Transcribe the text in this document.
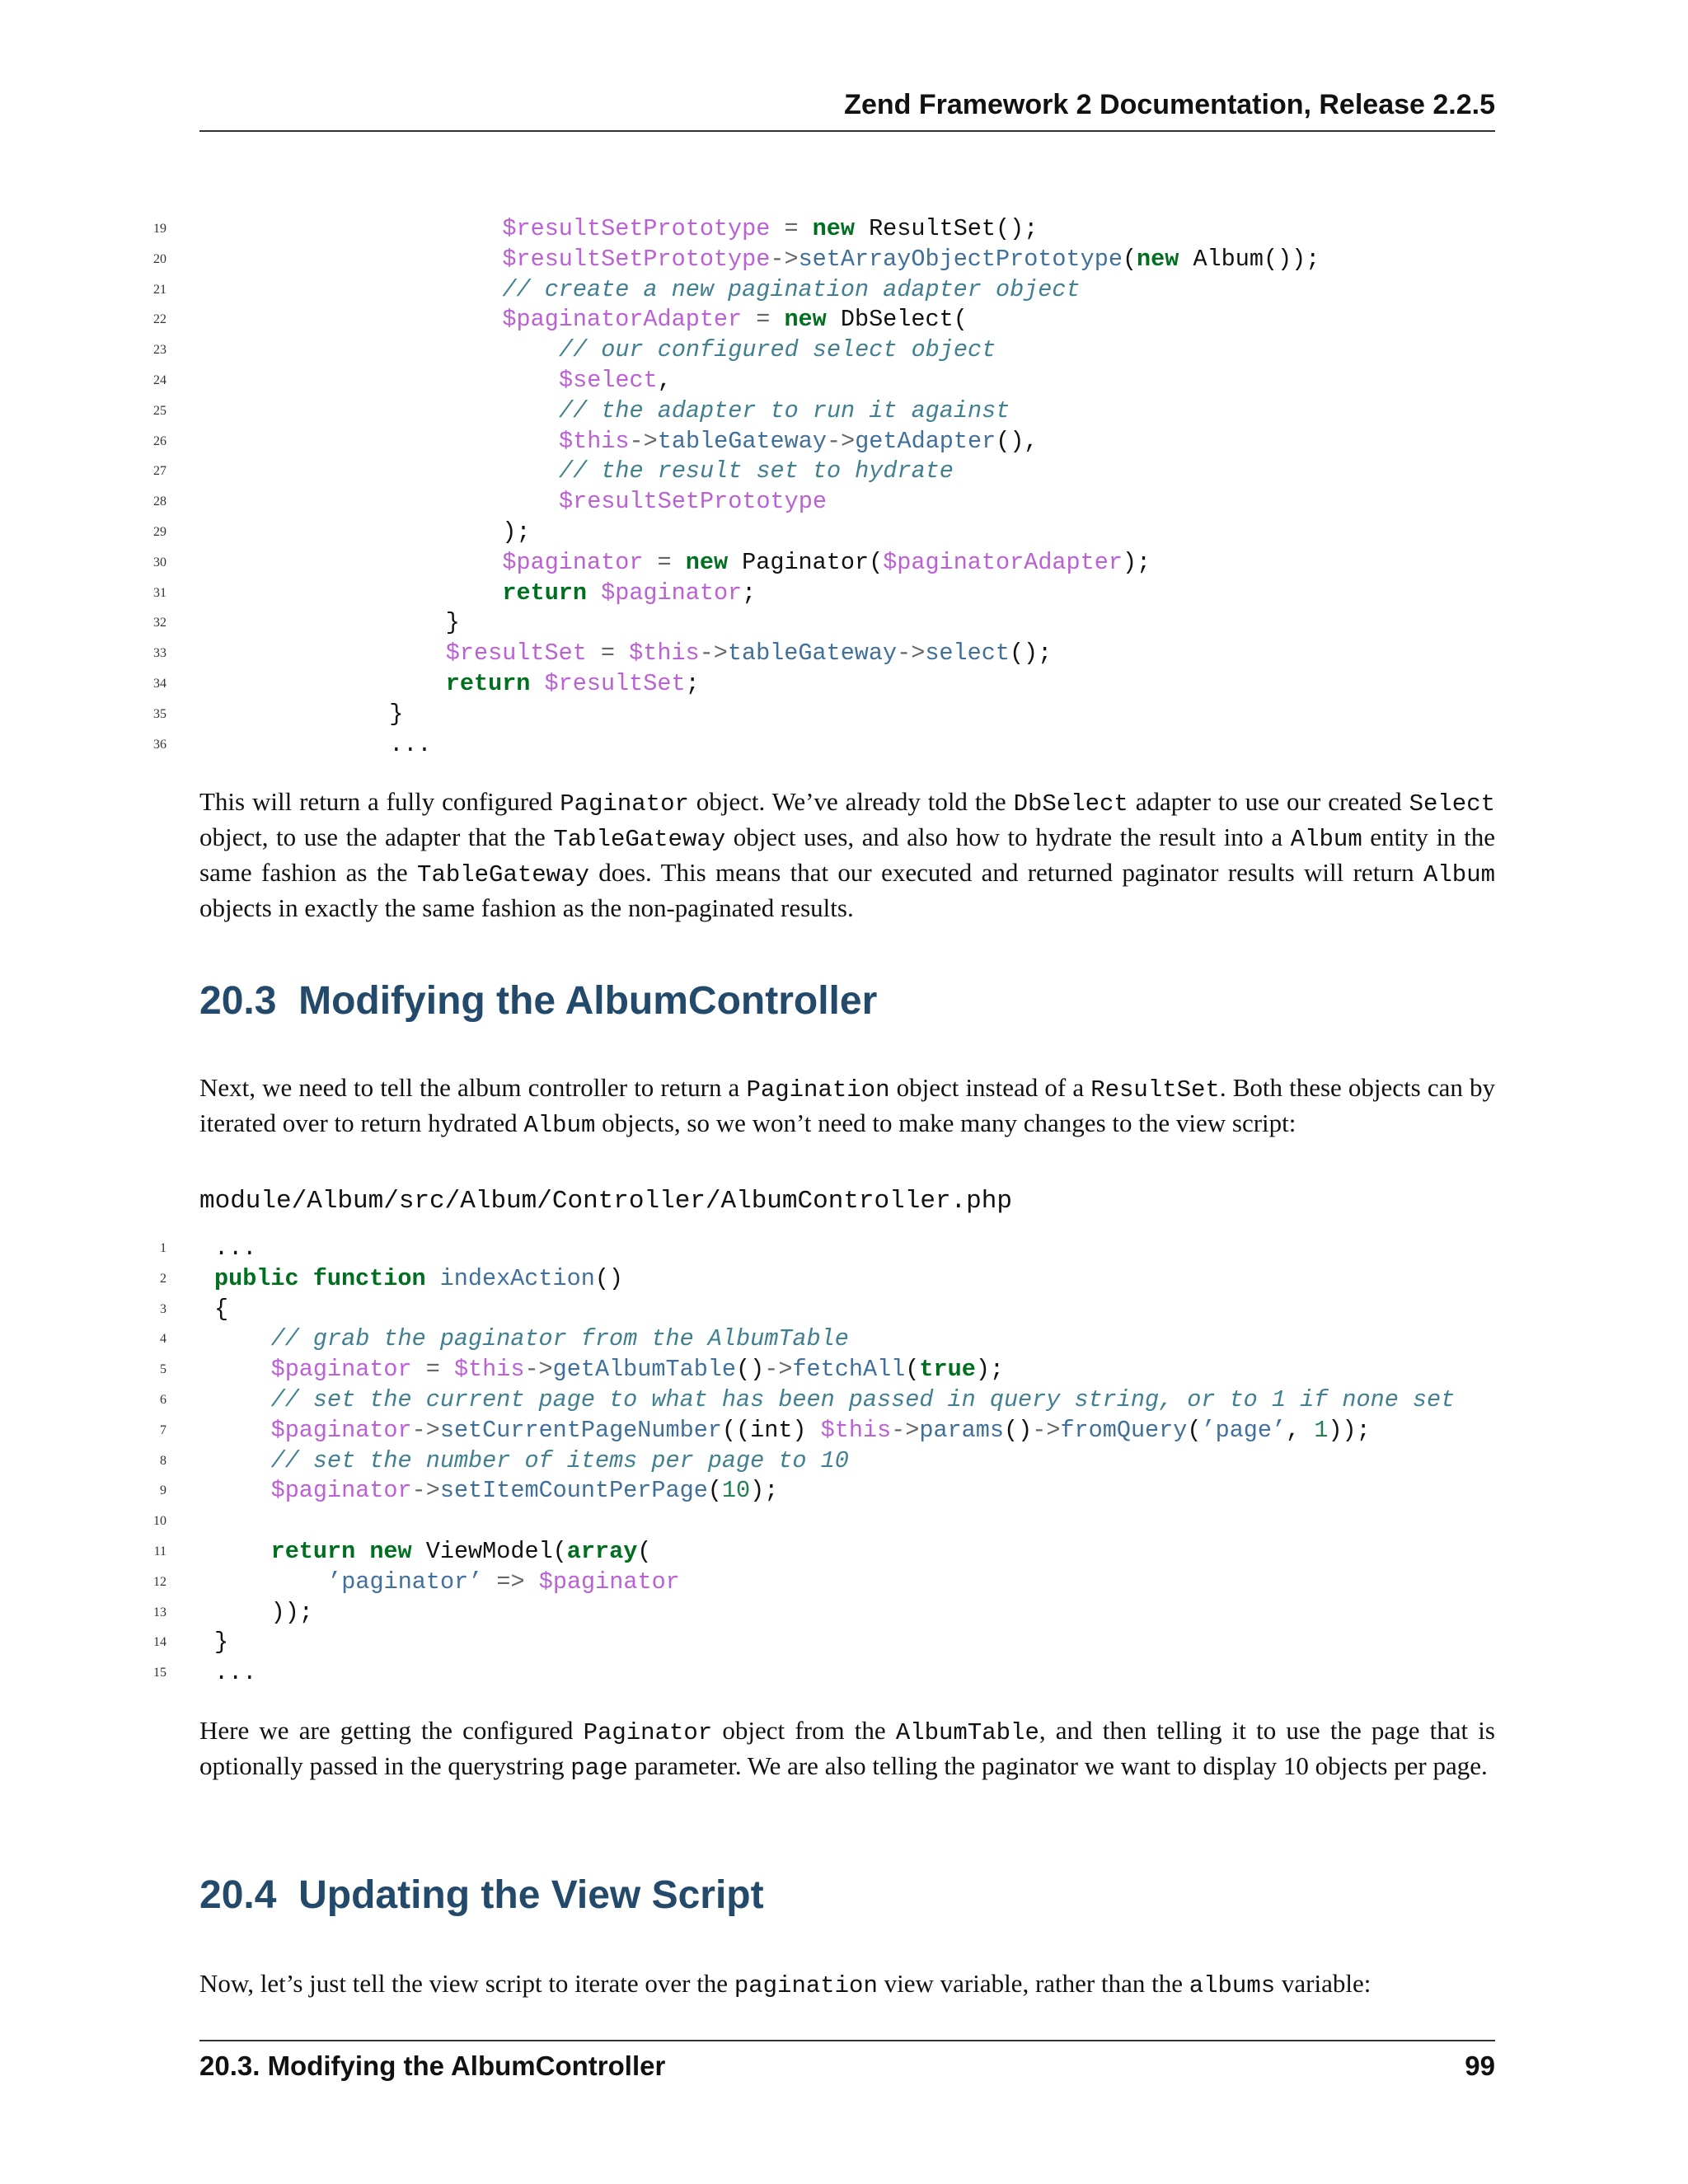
Zend Framework 2 Documentation, Release 2.2.5
19	$resultSetPrototype = new ResultSet();
20	$resultSetPrototype->setArrayObjectPrototype(new Album());
21	// create a new pagination adapter object
22	$paginatorAdapter = new DbSelect(
23	// our configured select object
24	$select,
25	// the adapter to run it against
26	$this->tableGateway->getAdapter(),
27	// the result set to hydrate
28	$resultSetPrototype
29	);
30	$paginator = new Paginator($paginatorAdapter);
31	return $paginator;
32	}
33	$resultSet = $this->tableGateway->select();
34	return $resultSet;
35	}
36	...
This will return a fully configured Paginator object. We’ve already told the DbSelect adapter to use our created Select object, to use the adapter that the TableGateway object uses, and also how to hydrate the result into a Album entity in the same fashion as the TableGateway does. This means that our executed and returned paginator results will return Album objects in exactly the same fashion as the non-paginated results.
20.3 Modifying the AlbumController
Next, we need to tell the album controller to return a Pagination object instead of a ResultSet. Both these objects can by iterated over to return hydrated Album objects, so we won’t need to make many changes to the view script:
module/Album/src/Album/Controller/AlbumController.php
1 ...
2 public function indexAction()
3 {
4	// grab the paginator from the AlbumTable
5	$paginator = $this->getAlbumTable()->fetchAll(true);
6	// set the current page to what has been passed in query string, or to 1 if none set
7	$paginator->setCurrentPageNumber((int) $this->params()->fromQuery(’page’, 1));
8	// set the number of items per page to 10
9	$paginator->setItemCountPerPage(10);
10
11	return new ViewModel(array(
12	’paginator’ => $paginator
13	));
14 }
15 ...
Here we are getting the configured Paginator object from the AlbumTable, and then telling it to use the page that is optionally passed in the querystring page parameter. We are also telling the paginator we want to display 10 objects per page.
20.4 Updating the View Script
Now, let’s just tell the view script to iterate over the pagination view variable, rather than the albums variable:
20.3. Modifying the AlbumController	99
